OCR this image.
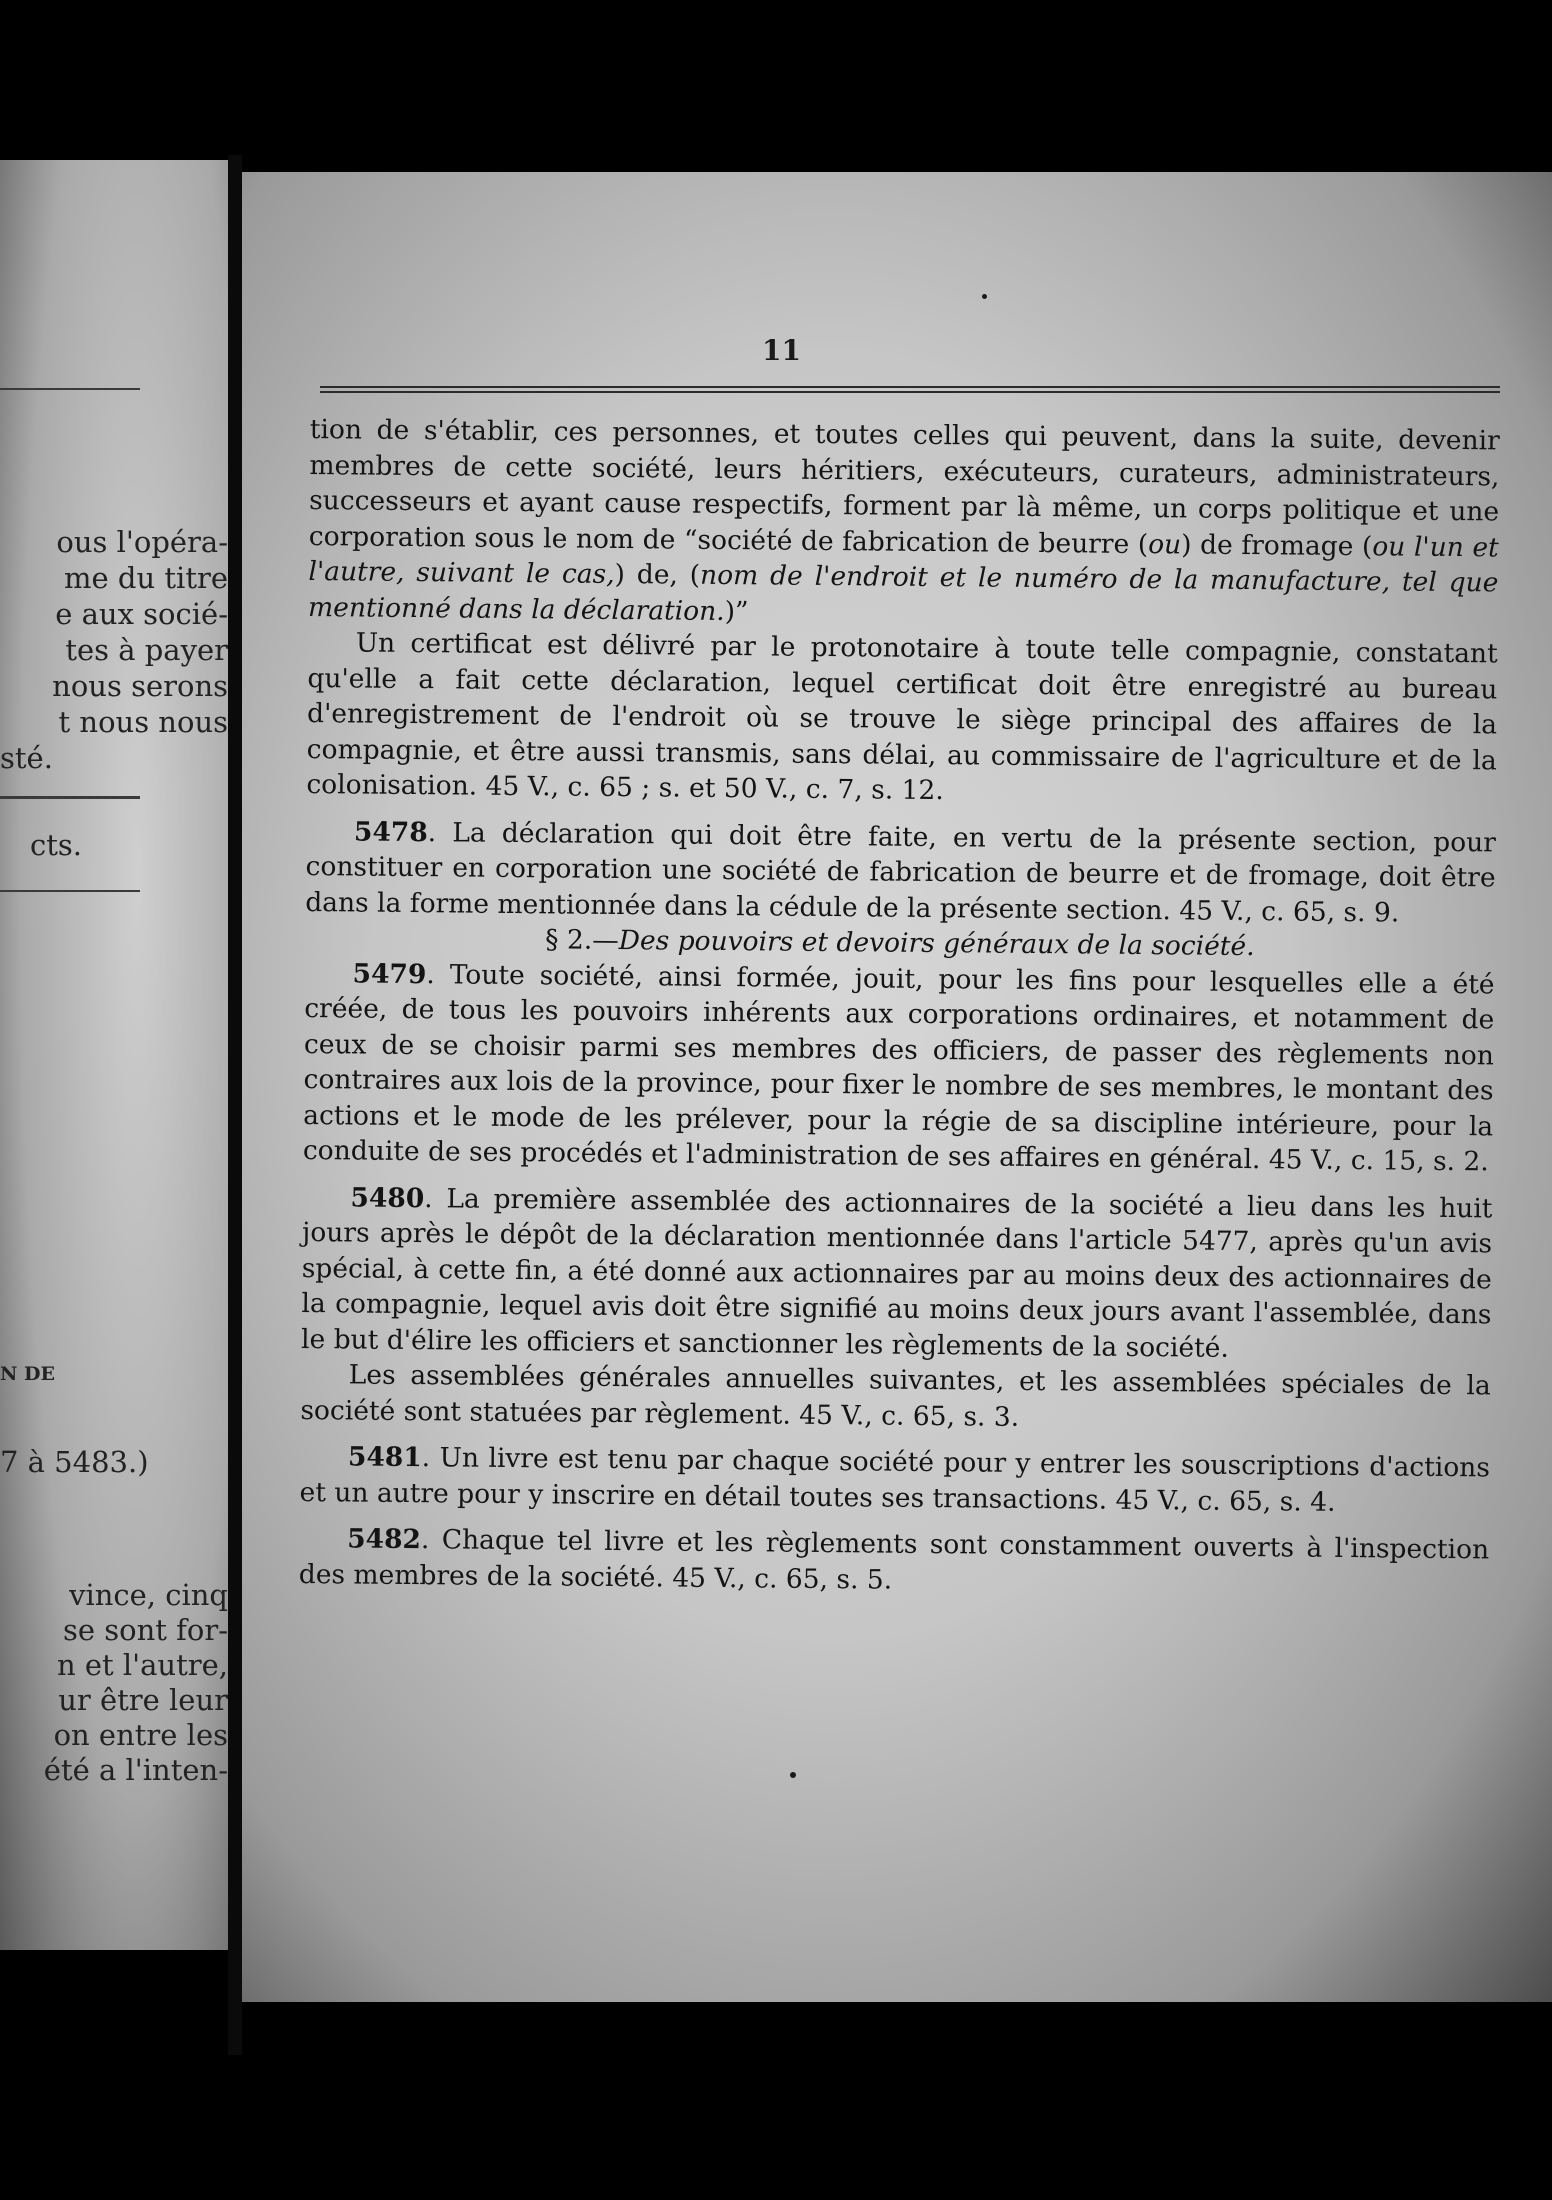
ous l'opéra-
me du titre
e aux socié-
tes à payer
nous serons
t nous nous
sté.
cts.
N DE
7 à 5483.)
vince, cinq
se sont for-
n et l'autre,
ur être leur
on entre les
été a l'inten-
11

tion de s'établir, ces personnes, et toutes celles qui peuvent, dans la suite, devenir membres de cette société, leurs héritiers, exécuteurs, curateurs, administrateurs, successeurs et ayant cause respectifs, forment par là même, un corps politique et une corporation sous le nom de “société de fabrication de beurre (ou) de fromage (ou l'un et l'autre, suivant le cas,) de, (nom de l'endroit et le numéro de la manufacture, tel que mentionné dans la déclaration.)”

Un certificat est délivré par le protonotaire à toute telle compagnie, constatant qu'elle a fait cette déclaration, lequel certificat doit être enregistré au bureau d'enregistrement de l'endroit où se trouve le siège principal des affaires de la compagnie, et être aussi transmis, sans délai, au commissaire de l'agriculture et de la colonisation. 45 V., c. 65 ; s. et 50 V., c. 7, s. 12.

5478. La déclaration qui doit être faite, en vertu de la présente section, pour constituer en corporation une société de fabrication de beurre et de fromage, doit être dans la forme mentionnée dans la cédule de la présente section. 45 V., c. 65, s. 9.

§ 2.—Des pouvoirs et devoirs généraux de la société.

5479. Toute société, ainsi formée, jouit, pour les fins pour lesquelles elle a été créée, de tous les pouvoirs inhérents aux corporations ordinaires, et notamment de ceux de se choisir parmi ses membres des officiers, de passer des règlements non contraires aux lois de la province, pour fixer le nombre de ses membres, le montant des actions et le mode de les prélever, pour la régie de sa discipline intérieure, pour la conduite de ses procédés et l'administration de ses affaires en général. 45 V., c. 15, s. 2.

5480. La première assemblée des actionnaires de la société a lieu dans les huit jours après le dépôt de la déclaration mentionnée dans l'article 5477, après qu'un avis spécial, à cette fin, a été donné aux actionnaires par au moins deux des actionnaires de la compagnie, lequel avis doit être signifié au moins deux jours avant l'assemblée, dans le but d'élire les officiers et sanctionner les règlements de la société.

Les assemblées générales annuelles suivantes, et les assemblées spéciales de la société sont statuées par règlement. 45 V., c. 65, s. 3.

5481. Un livre est tenu par chaque société pour y entrer les souscriptions d'actions et un autre pour y inscrire en détail toutes ses transactions. 45 V., c. 65, s. 4.

5482. Chaque tel livre et les règlements sont constamment ouverts à l'inspection des membres de la société. 45 V., c. 65, s. 5.
